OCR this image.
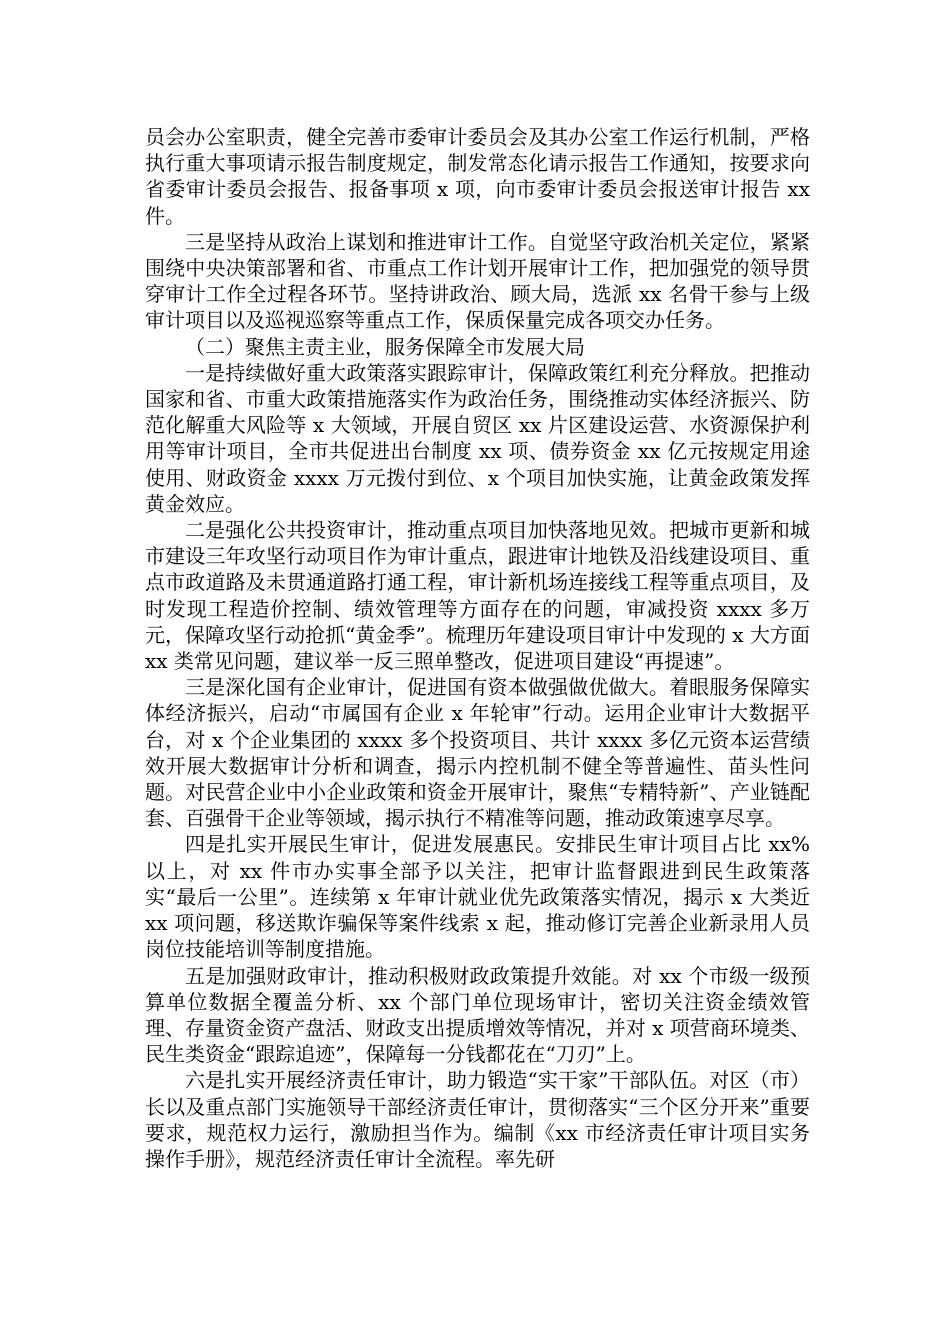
员会办公室职责，健全完善市委审计委员会及其办公室工作运行机制，严格执行重大事项请示报告制度规定，制发常态化请示报告工作通知，按要求向省委审计委员会报告、报备事项 x 项，向市委审计委员会报送审计报告 xx 件。

三是坚持从政治上谋划和推进审计工作。自觉坚守政治机关定位，紧紧围绕中央决策部署和省、市重点工作计划开展审计工作，把加强党的领导贯穿审计工作全过程各环节。坚持讲政治、顾大局，选派 xx 名骨干参与上级审计项目以及巡视巡察等重点工作，保质保量完成各项交办任务。

（二）聚焦主责主业，服务保障全市发展大局

一是持续做好重大政策落实跟踪审计，保障政策红利充分释放。把推动国家和省、市重大政策措施落实作为政治任务，围绕推动实体经济振兴、防范化解重大风险等 x 大领域，开展自贸区 xx 片区建设运营、水资源保护利用等审计项目，全市共促进出台制度 xx 项、债券资金 xx 亿元按规定用途使用、财政资金 xxxx 万元拨付到位、x 个项目加快实施，让黄金政策发挥黄金效应。

二是强化公共投资审计，推动重点项目加快落地见效。把城市更新和城市建设三年攻坚行动项目作为审计重点，跟进审计地铁及沿线建设项目、重点市政道路及未贯通道路打通工程，审计新机场连接线工程等重点项目，及时发现工程造价控制、绩效管理等方面存在的问题，审减投资 xxxx 多万元，保障攻坚行动抢抓“黄金季”。梳理历年建设项目审计中发现的 x 大方面 xx 类常见问题，建议举一反三照单整改，促进项目建设“再提速”。

三是深化国有企业审计，促进国有资本做强做优做大。着眼服务保障实体经济振兴，启动“市属国有企业 x 年轮审”行动。运用企业审计大数据平台，对 x 个企业集团的 xxxx 多个投资项目、共计 xxxx 多亿元资本运营绩效开展大数据审计分析和调查，揭示内控机制不健全等普遍性、苗头性问题。对民营企业中小企业政策和资金开展审计，聚焦“专精特新”、产业链配套、百强骨干企业等领域，揭示执行不精准等问题，推动政策速享尽享。

四是扎实开展民生审计，促进发展惠民。安排民生审计项目占比 xx%以上，对 xx 件市办实事全部予以关注，把审计监督跟进到民生政策落实“最后一公里”。连续第 x 年审计就业优先政策落实情况，揭示 x 大类近 xx 项问题，移送欺诈骗保等案件线索 x 起，推动修订完善企业新录用人员岗位技能培训等制度措施。

五是加强财政审计，推动积极财政政策提升效能。对 xx 个市级一级预算单位数据全覆盖分析、xx 个部门单位现场审计，密切关注资金绩效管理、存量资金资产盘活、财政支出提质增效等情况，并对 x 项营商环境类、民生类资金“跟踪追迹”，保障每一分钱都花在“刀刃”上。

六是扎实开展经济责任审计，助力锻造“实干家”干部队伍。对区（市）长以及重点部门实施领导干部经济责任审计，贯彻落实“三个区分开来”重要要求，规范权力运行，激励担当作为。编制《xx 市经济责任审计项目实务操作手册》，规范经济责任审计全流程。率先研
